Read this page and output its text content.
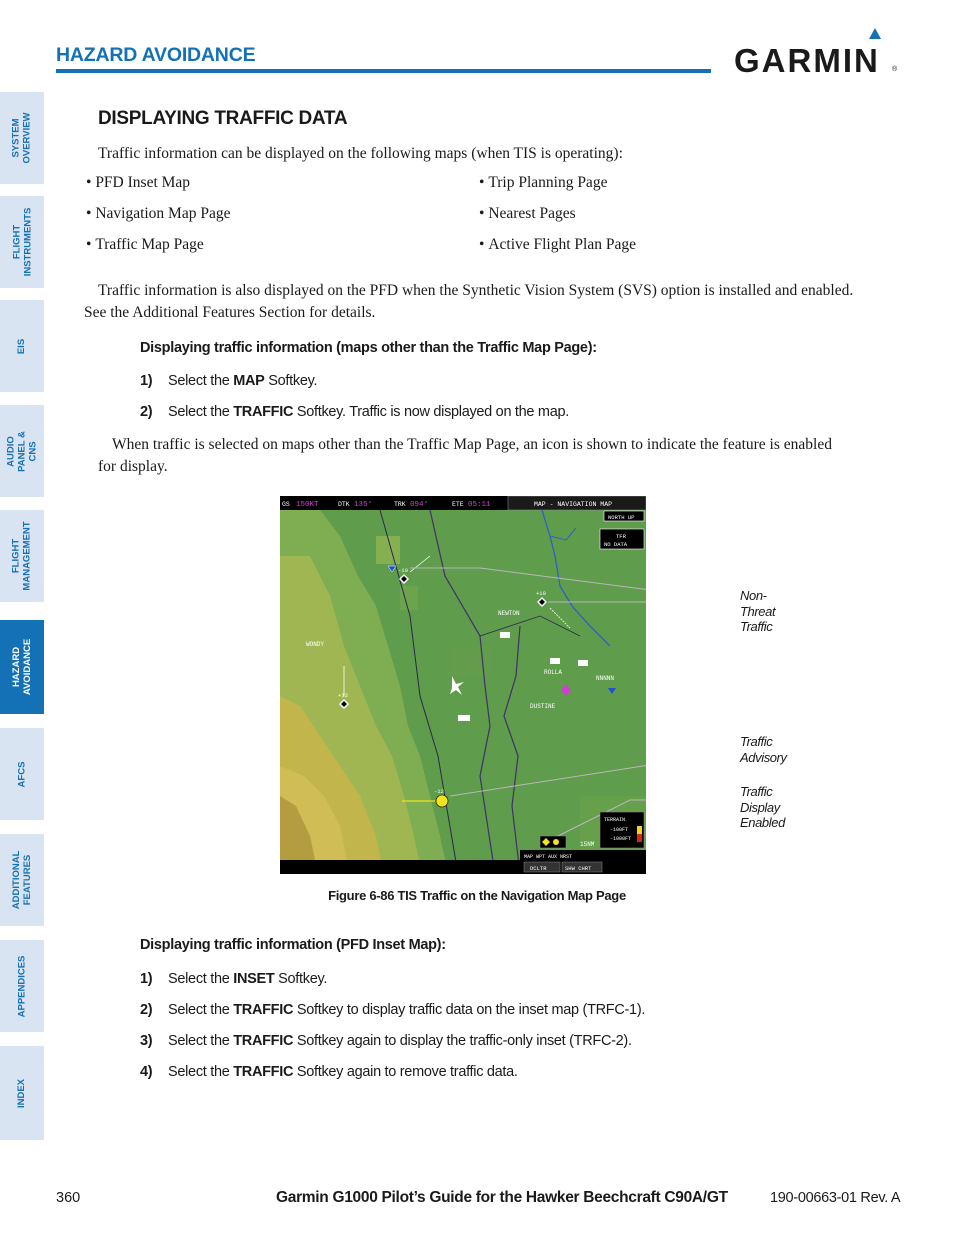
SYSTEM OVERVIEW
FLIGHT INSTRUMENTS
EIS
AUDIO PANEL & CNS
FLIGHT MANAGEMENT
HAZARD AVOIDANCE
AFCS
ADDITIONAL FEATURES
APPENDICES
INDEX
HAZARD AVOIDANCE	GARMIN ®
DISPLAYING TRAFFIC DATA
Traffic information can be displayed on the following maps (when TIS is operating):
• PFD Inset Map
• Navigation Map Page
• Traffic Map Page
• Trip Planning Page
• Nearest Pages
• Active Flight Plan Page
Traffic information is also displayed on the PFD when the Synthetic Vision System (SVS) option is installed and enabled. See the Additional Features Section for details.
Displaying traffic information (maps other than the Traffic Map Page):
1) Select the MAP Softkey.
2) Select the TRAFFIC Softkey. Traffic is now displayed on the map.
When traffic is selected on maps other than the Traffic Map Page, an icon is shown to indicate the feature is enabled for display.
GS 150KT	DTK 135°	TRK 094°	ETE 05:11	MAP - NAVIGATION MAP
NORTH UP
TFR
NO DATA
NEWTON
WONDY
DUSTINE
ROLLA
NNNNN
-10
+10
+12
-12
TERRAIN
-100FT
-1000FT
15NM
MAP WPT AUX NRST
DCLTR	SHW CHRT
Non-Threat Traffic
Traffic Advisory
Traffic Display Enabled
Figure 6-86 TIS Traffic on the Navigation Map Page
Displaying traffic information (PFD Inset Map):
1) Select the INSET Softkey.
2) Select the TRAFFIC Softkey to display traffic data on the inset map (TRFC-1).
3) Select the TRAFFIC Softkey again to display the traffic-only inset (TRFC-2).
4) Select the TRAFFIC Softkey again to remove traffic data.
360	Garmin G1000 Pilot’s Guide for the Hawker Beechcraft C90A/GT	190-00663-01 Rev. A
